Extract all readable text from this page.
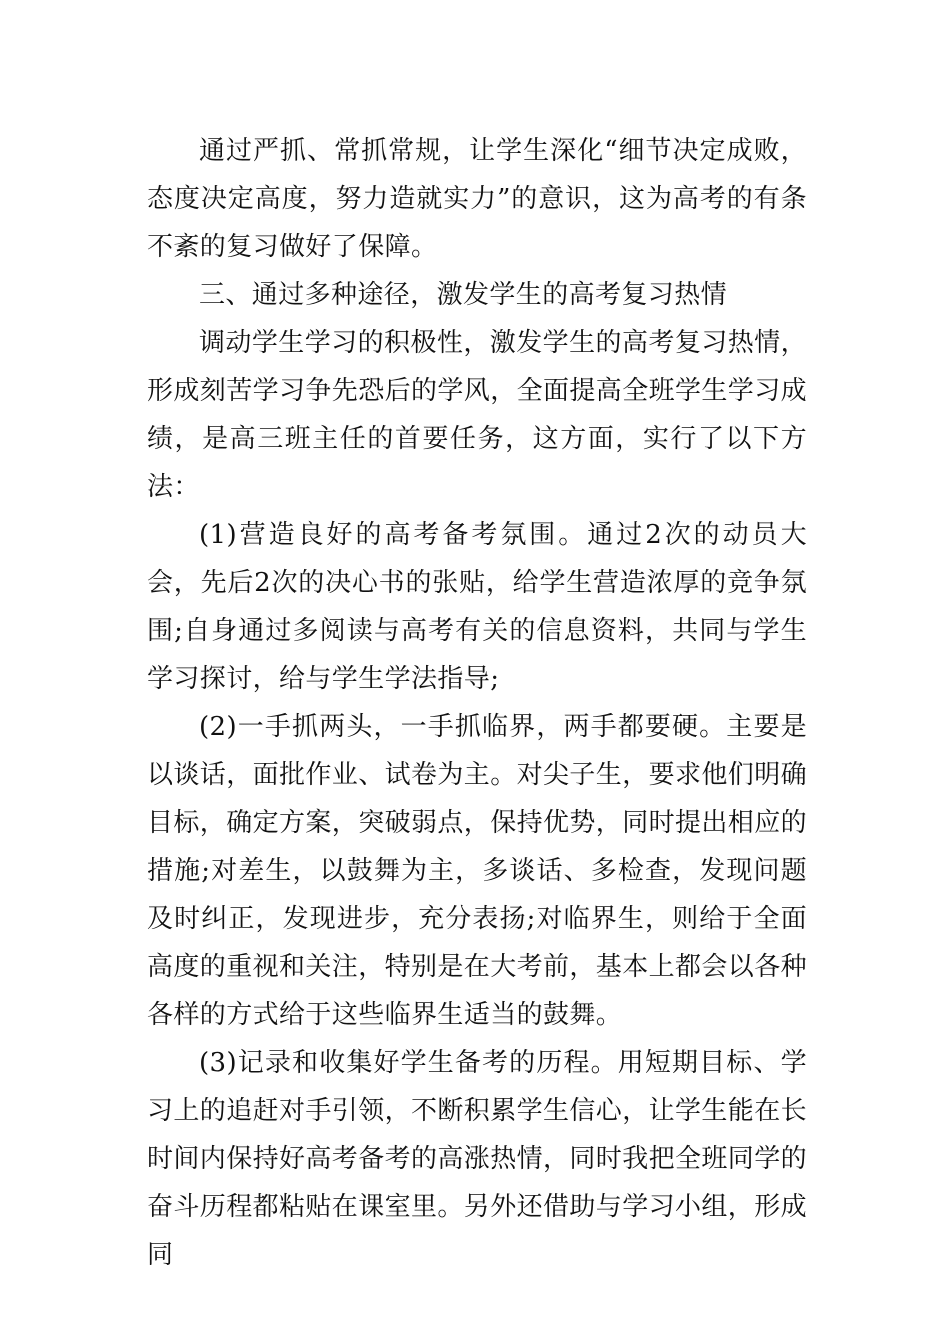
通过严抓、常抓常规，让学生深化“细节决定成败，态度决定高度，努力造就实力”的意识，这为高考的有条不紊的复习做好了保障。

三、通过多种途径，激发学生的高考复习热情

调动学生学习的积极性，激发学生的高考复习热情，形成刻苦学习争先恐后的学风，全面提高全班学生学习成绩，是高三班主任的首要任务，这方面，实行了以下方法：

(1)营造良好的高考备考氛围。通过2次的动员大会，先后2次的决心书的张贴，给学生营造浓厚的竞争氛围;自身通过多阅读与高考有关的信息资料，共同与学生学习探讨，给与学生学法指导;

(2)一手抓两头，一手抓临界，两手都要硬。主要是以谈话，面批作业、试卷为主。对尖子生，要求他们明确目标，确定方案，突破弱点，保持优势，同时提出相应的措施;对差生，以鼓舞为主，多谈话、多检查，发现问题及时纠正，发现进步，充分表扬;对临界生，则给于全面高度的重视和关注，特别是在大考前，基本上都会以各种各样的方式给于这些临界生适当的鼓舞。

(3)记录和收集好学生备考的历程。用短期目标、学习上的追赶对手引领，不断积累学生信心，让学生能在长时间内保持好高考备考的高涨热情，同时我把全班同学的奋斗历程都粘贴在课室里。另外还借助与学习小组，形成同
